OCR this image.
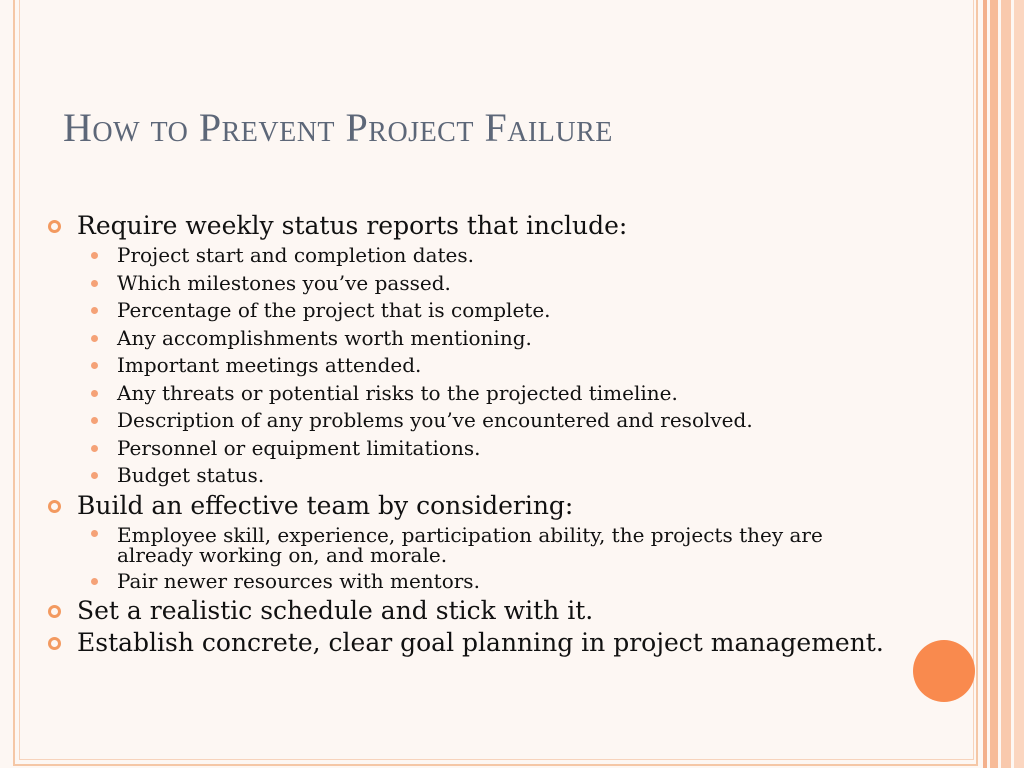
How to Prevent Project Failure

Require weekly status reports that include:

Project start and completion dates.
Which milestones you’ve passed.
Percentage of the project that is complete.
Any accomplishments worth mentioning.
Important meetings attended.
Any threats or potential risks to the projected timeline.
Description of any problems you’ve encountered and resolved.
Personnel or equipment limitations.
Budget status.

Build an effective team by considering:

Employee skill, experience, participation ability, the projects they are already working on, and morale.
Pair newer resources with mentors.

Set a realistic schedule and stick with it.

Establish concrete, clear goal planning in project management.
